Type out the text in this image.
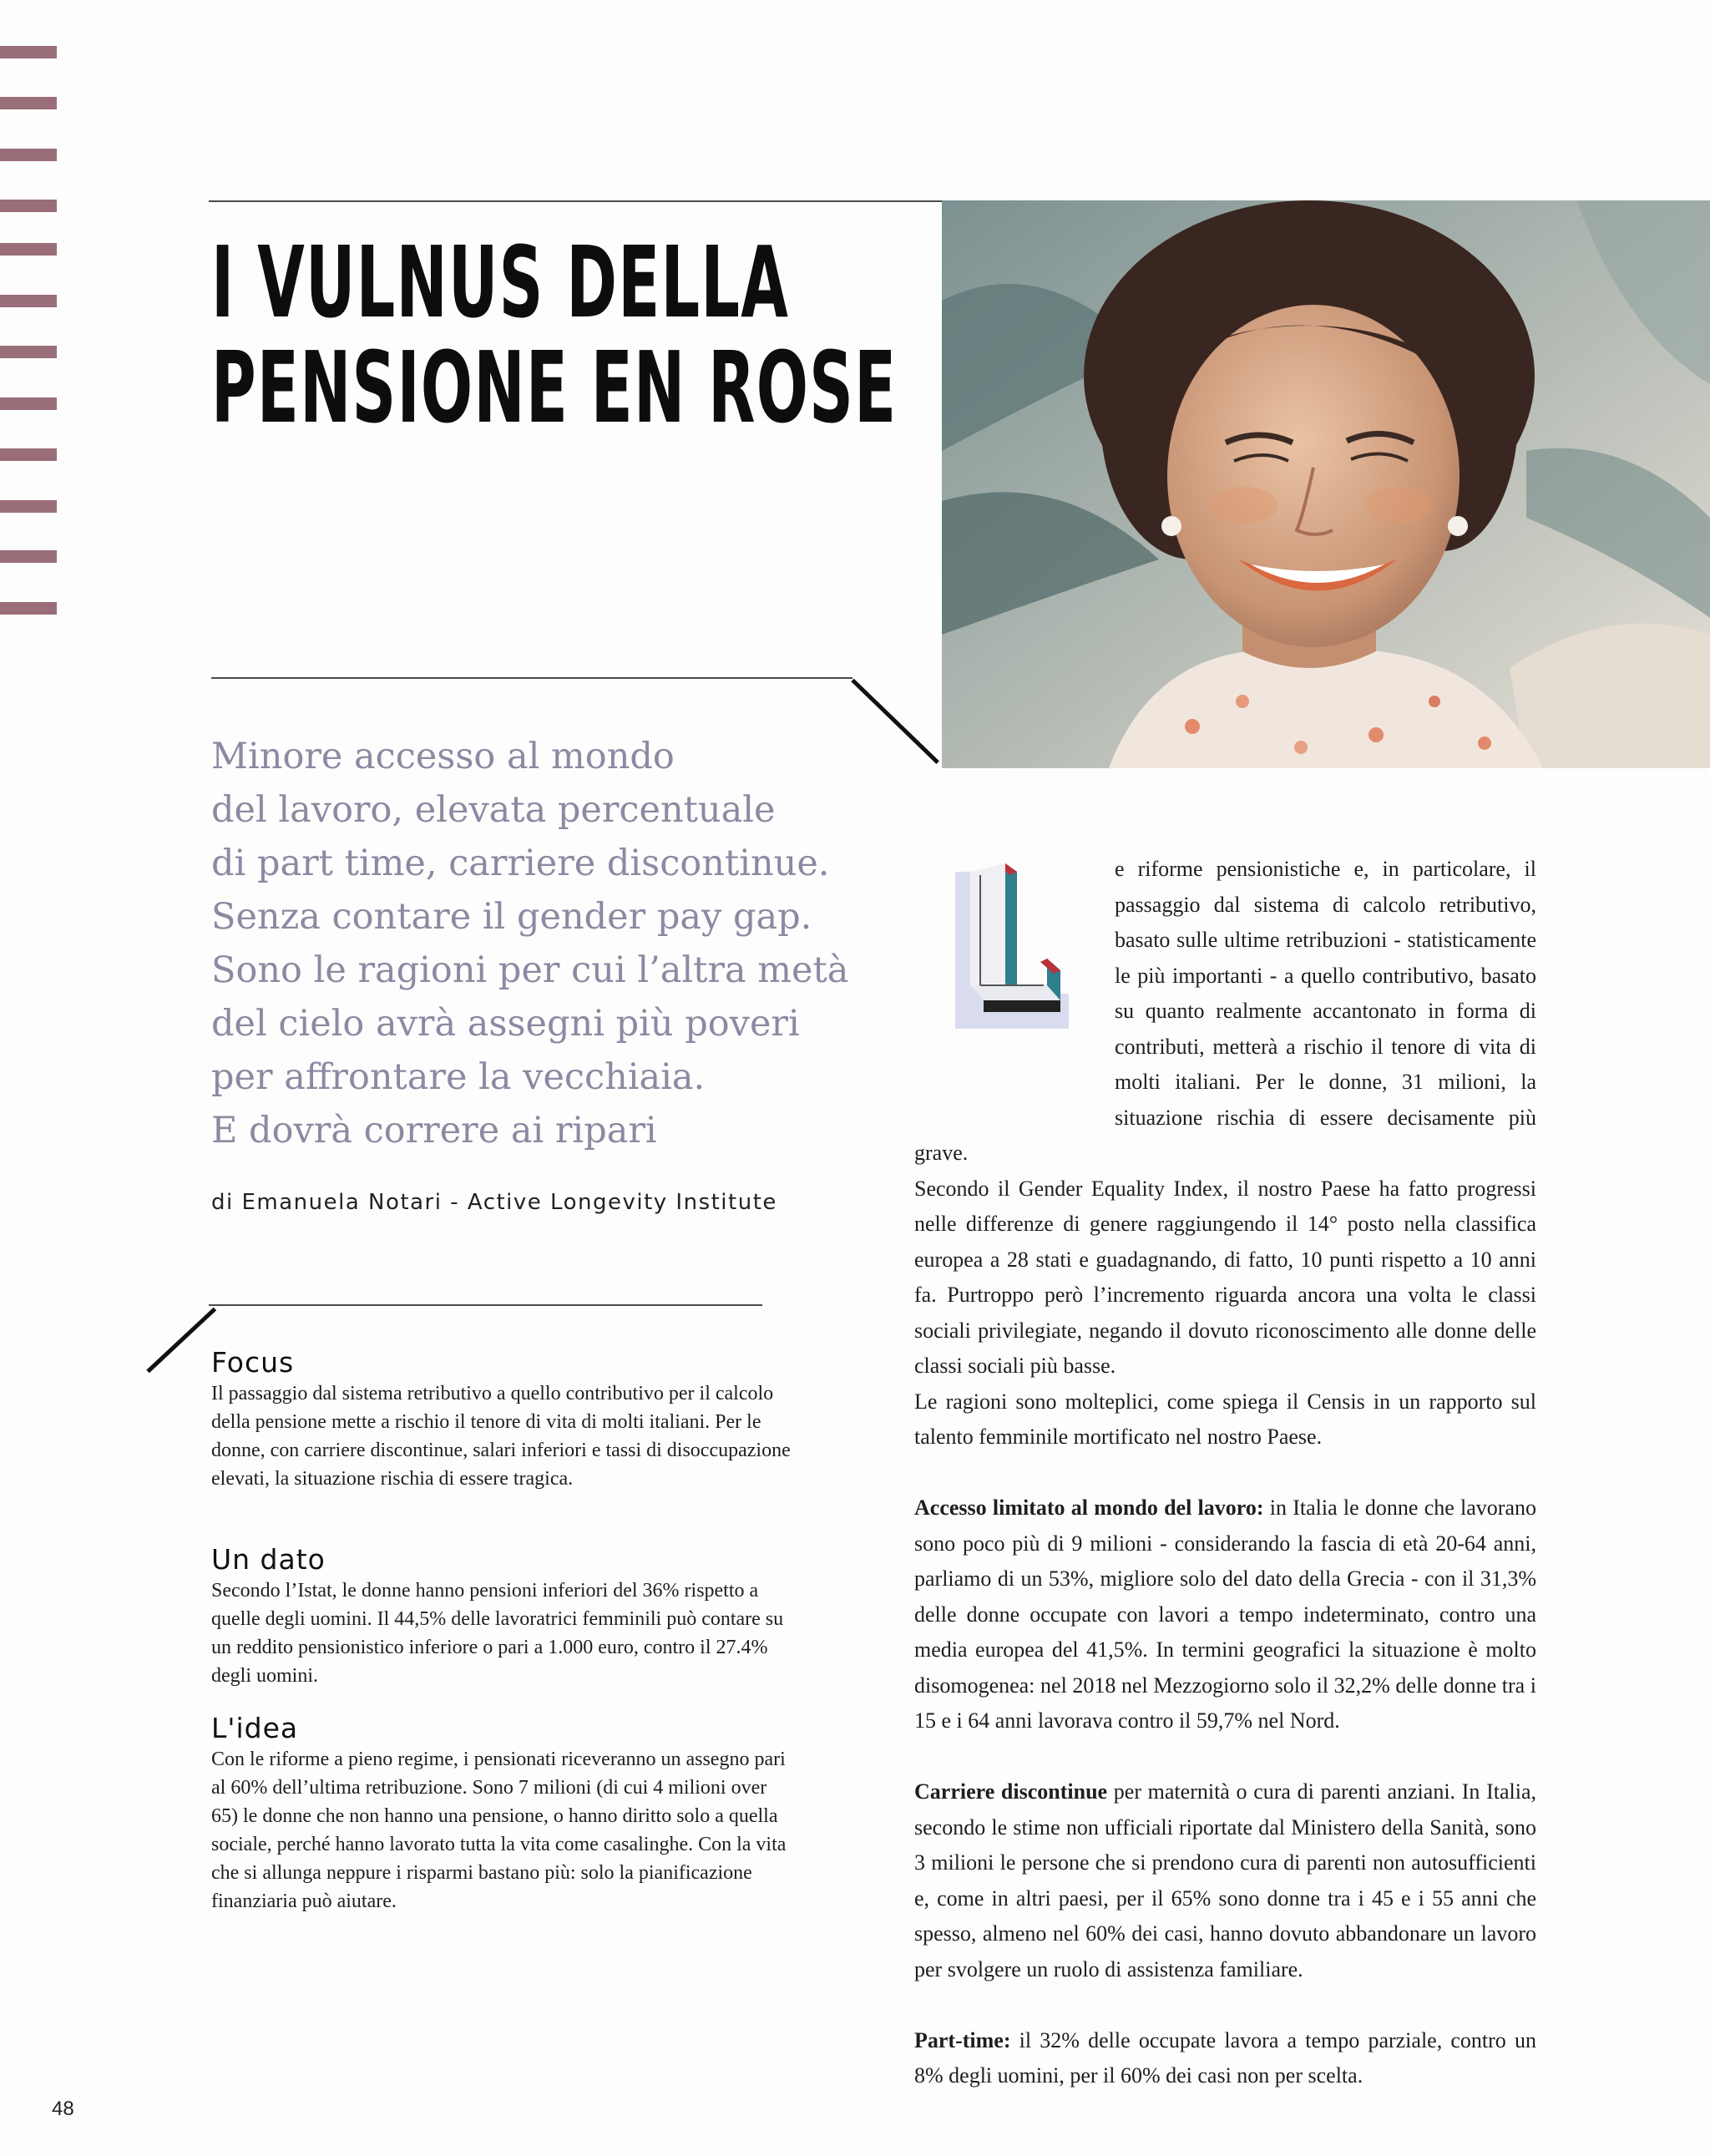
I VULNUS DELLA
PENSIONE EN ROSE
Minore accesso al mondo
del lavoro, elevata percentuale
di part time, carriere discontinue.
Senza contare il gender pay gap.
Sono le ragioni per cui l’altra metà
del cielo avrà assegni più poveri
per affrontare la vecchiaia.
E dovrà correre ai ripari
di Emanuela Notari - Active Longevity Institute
Focus

Il passaggio dal sistema retributivo a quello contributivo per il calcolo della pensione mette a rischio il tenore di vita di molti italiani. Per le donne, con carriere discontinue, salari inferiori e tassi di disoccupazione elevati, la situazione rischia di essere tragica.

Un dato

Secondo l’Istat, le donne hanno pensioni inferiori del 36% rispetto a quelle degli uomini. Il 44,5% delle lavoratrici femminili può contare su un reddito pensionistico inferiore o pari a 1.000 euro, contro il 27.4% degli uomini.

L'idea

Con le riforme a pieno regime, i pensionati riceveranno un assegno pari al 60% dell’ultima retribuzione. Sono 7 milioni (di cui 4 milioni over 65) le donne che non hanno una pensione, o hanno diritto solo a quella sociale, perché hanno lavorato tutta la vita come casalinghe. Con la vita che si allunga neppure i risparmi bastano più: solo la pianificazione finanziaria può aiutare.

e riforme pensionistiche e, in particolare, il passaggio dal sistema di calcolo retributivo, basato sulle ultime retribuzioni - statisticamente le più importanti - a quello contributivo, basato su quanto realmente accantonato in forma di contributi, metterà a rischio il tenore di vita di molti italiani. Per le donne, 31 milioni, la situazione rischia di essere decisamente più grave.

Secondo il Gender Equality Index, il nostro Paese ha fatto progressi nelle differenze di genere raggiungendo il 14° posto nella classifica europea a 28 stati e guadagnando, di fatto, 10 punti rispetto a 10 anni fa. Purtroppo però l’incremento riguarda ancora una volta le classi sociali privilegiate, negando il dovuto riconoscimento alle donne delle classi sociali più basse.

Le ragioni sono molteplici, come spiega il Censis in un rapporto sul talento femminile mortificato nel nostro Paese.

Accesso limitato al mondo del lavoro: in Italia le donne che lavorano sono poco più di 9 milioni - considerando la fascia di età 20-64 anni, parliamo di un 53%, migliore solo del dato della Grecia - con il 31,3% delle donne occupate con lavori a tempo indeterminato, contro una media europea del 41,5%. In termini geografici la situazione è molto disomogenea: nel 2018 nel Mezzogiorno solo il 32,2% delle donne tra i 15 e i 64 anni lavorava contro il 59,7% nel Nord.

Carriere discontinue per maternità o cura di parenti anziani. In Italia, secondo le stime non ufficiali riportate dal Ministero della Sanità, sono 3 milioni le persone che si prendono cura di parenti non autosufficienti e, come in altri paesi, per il 65% sono donne tra i 45 e i 55 anni che spesso, almeno nel 60% dei casi, hanno dovuto abbandonare un lavoro per svolgere un ruolo di assistenza familiare.

Part-time: il 32% delle occupate lavora a tempo parziale, contro un 8% degli uomini, per il 60% dei casi non per scelta.

48
